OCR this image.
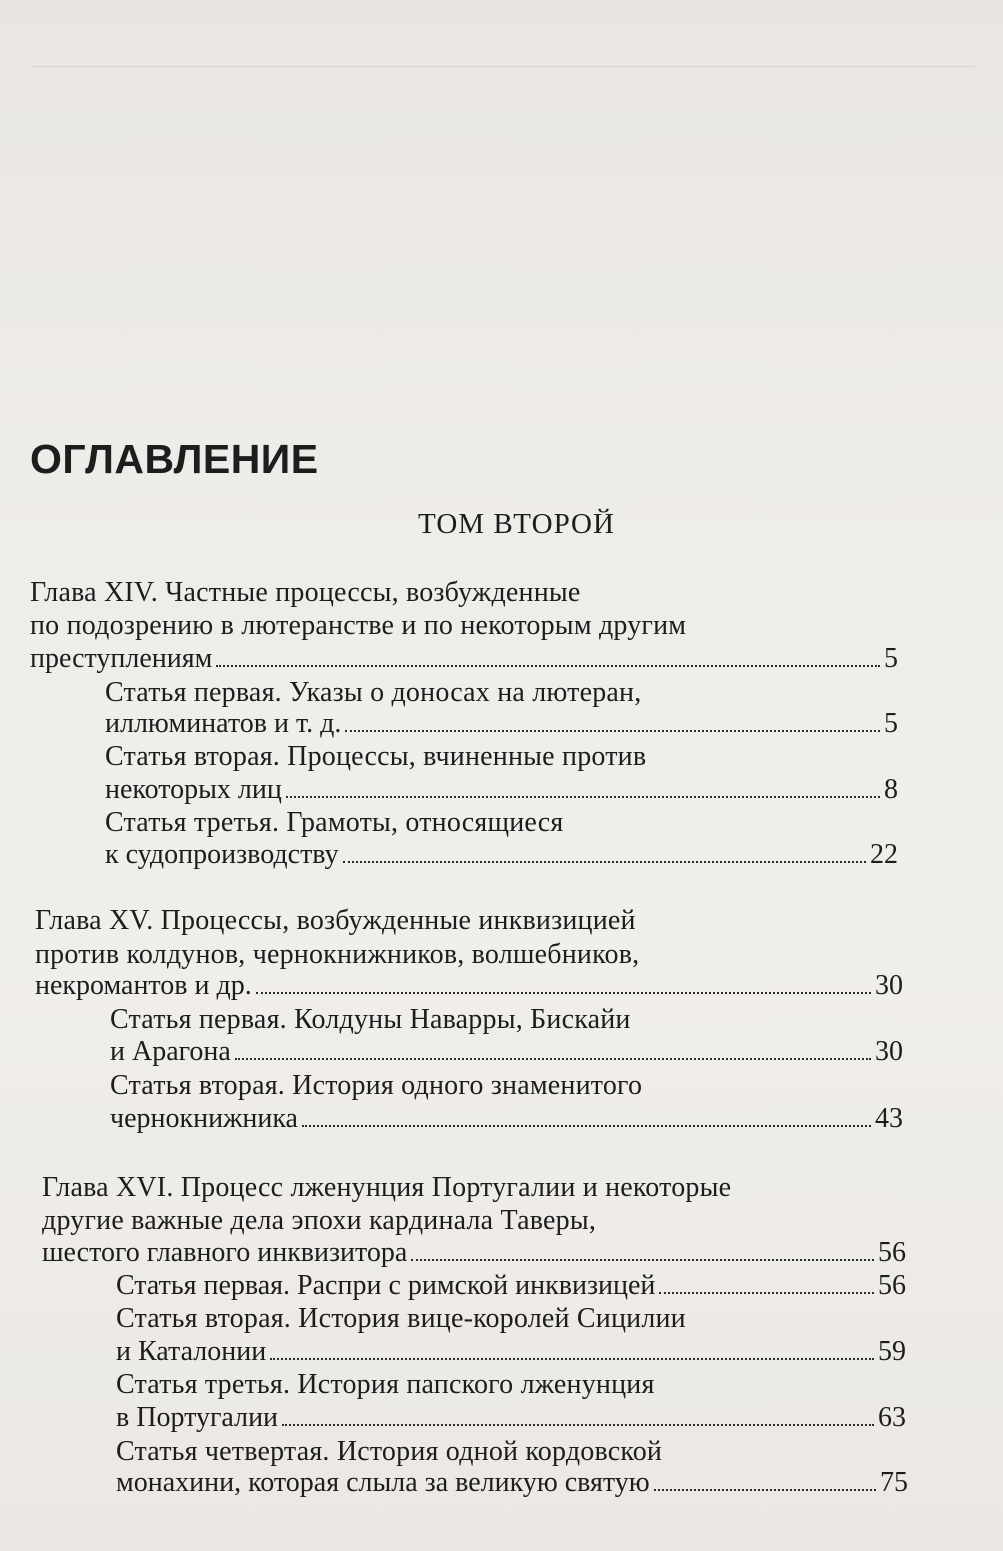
ОГЛАВЛЕНИЕ
ТОМ ВТОРОЙ
Глава XIV. Частные процессы, возбужденные
по подозрению в лютеранстве и по некоторым другим
преступлениям	5
Статья первая. Указы о доносах на лютеран,
иллюминатов и т. д.	5
Статья вторая. Процессы, вчиненные против
некоторых лиц	8
Статья третья. Грамоты, относящиеся
к судопроизводству	22
Глава XV. Процессы, возбужденные инквизицией
против колдунов, чернокнижников, волшебников,
некромантов и др.	30
Статья первая. Колдуны Наварры, Бискайи
и Арагона	30
Статья вторая. История одного знаменитого
чернокнижника	43
Глава XVI. Процесс лженунция Португалии и некоторые
другие важные дела эпохи кардинала Таверы,
шестого главного инквизитора	56
Статья первая. Распри с римской инквизицей	56
Статья вторая. История вице-королей Сицилии
и Каталонии	59
Статья третья. История папского лженунция
в Португалии	63
Статья четвертая. История одной кордовской
монахини, которая слыла за великую святую	75
